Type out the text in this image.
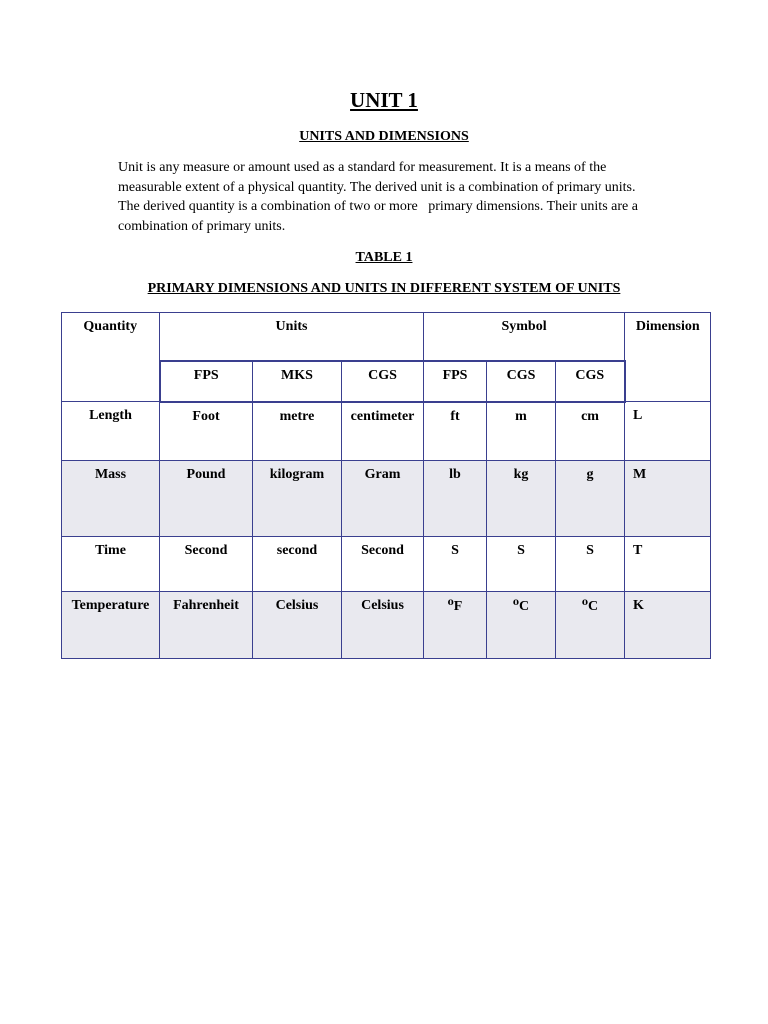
UNIT 1
UNITS AND DIMENSIONS

Unit is any measure or amount used as a standard for measurement. It is a means of the
measurable extent of a physical quantity. The derived unit is a combination of primary units.
The derived quantity is a combination of two or more   primary dimensions. Their units are a
combination of primary units.

TABLE 1
PRIMARY DIMENSIONS AND UNITS IN DIFFERENT SYSTEM OF UNITS
Quantity	Units			Symbol			Dimension
	FPS	MKS	CGS	FPS	CGS	CGS	
Length	Foot	metre	centimeter	ft	m	cm	L
Mass	Pound	kilogram	Gram	lb	kg	g	M
Time	Second	second	Second	S	S	S	T
Temperature	Fahrenheit	Celsius	Celsius	⁰F	⁰C	⁰C	K
